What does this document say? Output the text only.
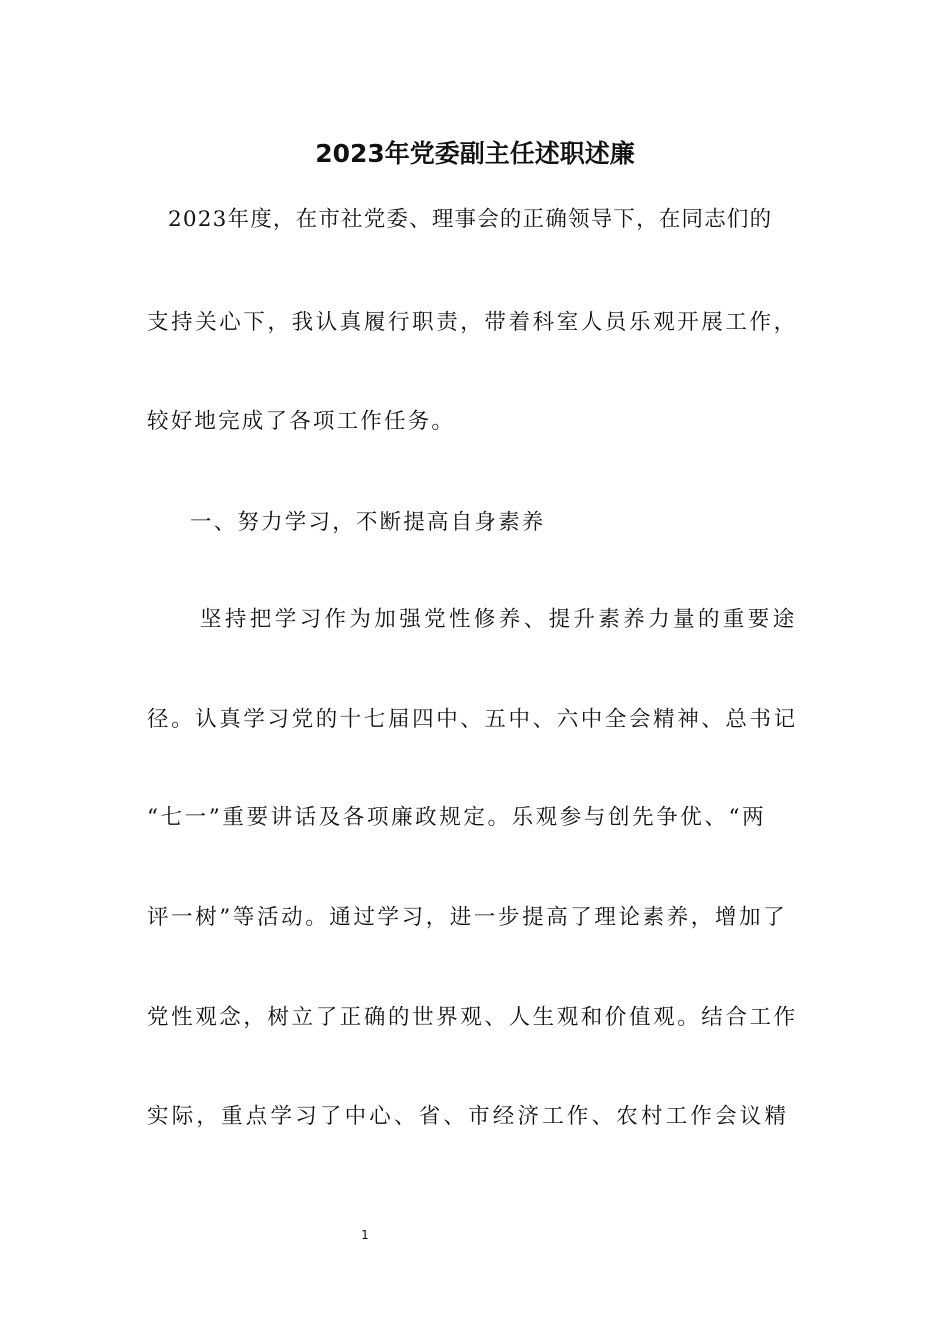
2023年党委副主任述职述廉
2023年度，在市社党委、理事会的正确领导下，在同志们的
支持关心下，我认真履行职责，带着科室人员乐观开展工作，
较好地完成了各项工作任务。
一、努力学习，不断提高自身素养
坚持把学习作为加强党性修养、提升素养力量的重要途
径。认真学习党的十七届四中、五中、六中全会精神、总书记
“七一”重要讲话及各项廉政规定。乐观参与创先争优、“两
评一树”等活动。通过学习，进一步提高了理论素养，增加了
党性观念，树立了正确的世界观、人生观和价值观。结合工作
实际，重点学习了中心、省、市经济工作、农村工作会议精
1
